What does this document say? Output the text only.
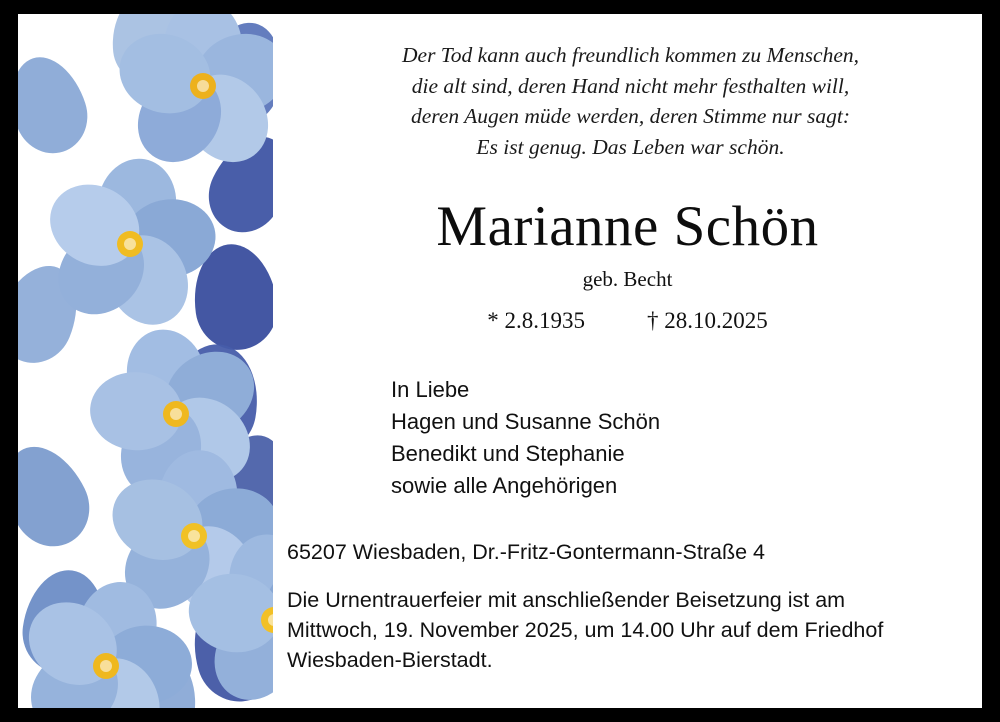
Der Tod kann auch freundlich kommen zu Menschen,
die alt sind, deren Hand nicht mehr festhalten will,
deren Augen müde werden, deren Stimme nur sagt:
Es ist genug. Das Leben war schön.
Marianne Schön
geb. Becht
* 2.8.1935	† 28.10.2025
In Liebe
Hagen und Susanne Schön
Benedikt und Stephanie
sowie alle Angehörigen
65207 Wiesbaden, Dr.-Fritz-Gontermann-Straße 4
Die Urnentrauerfeier mit anschließender Beisetzung ist am
Mittwoch, 19. November 2025, um 14.00 Uhr auf dem Friedhof
Wiesbaden-Bierstadt.
